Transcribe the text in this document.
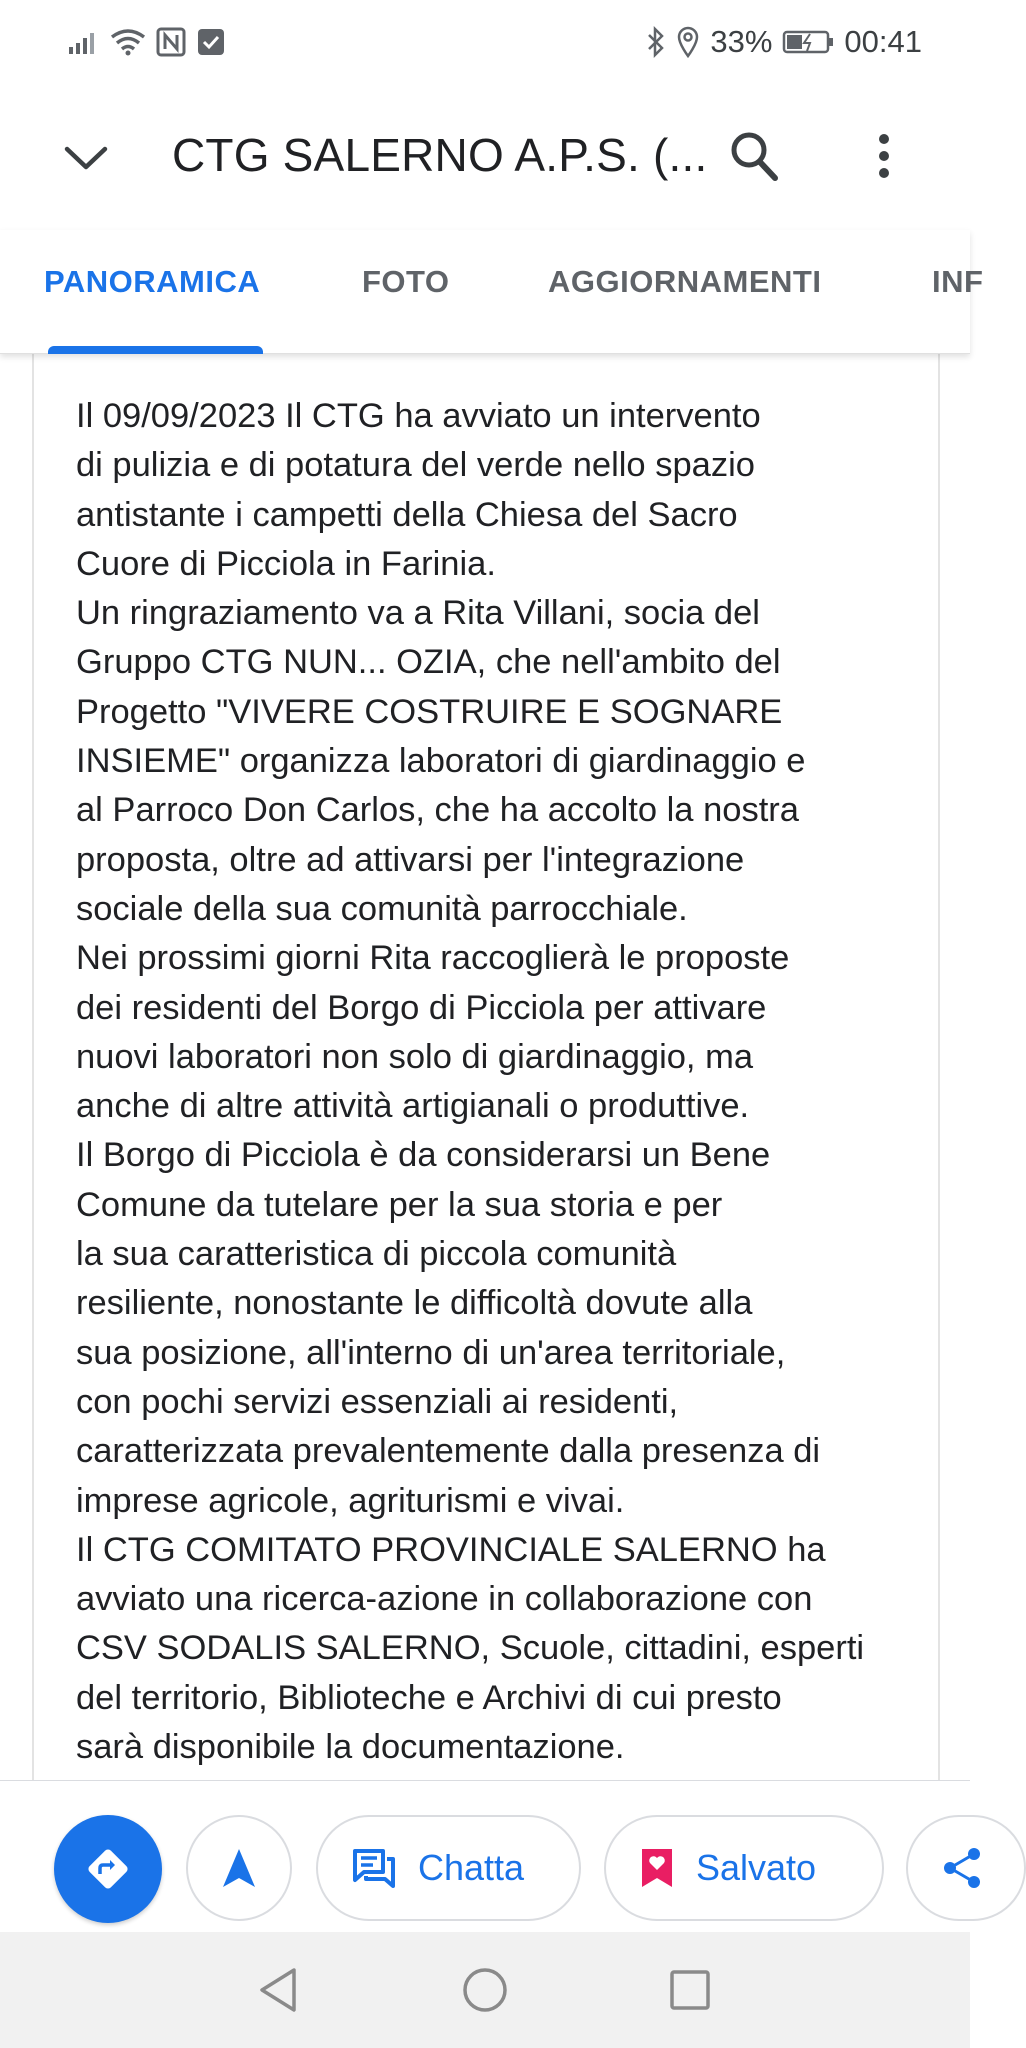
33% 00:41
CTG SALERNO A.P.S. (...
PANORAMICA	FOTO	AGGIORNAMENTI	INF

Il 09/09/2023 Il CTG ha avviato un intervento

di pulizia e di potatura del verde nello spazio

antistante i campetti della Chiesa del Sacro

Cuore di Picciola in Farinia.

Un ringraziamento va a Rita Villani, socia del

Gruppo CTG NUN... OZIA, che nell'ambito del

Progetto "VIVERE COSTRUIRE E SOGNARE

INSIEME" organizza laboratori di giardinaggio e

al Parroco Don Carlos, che ha accolto la nostra

proposta, oltre ad attivarsi per l'integrazione

sociale della sua comunità parrocchiale.

Nei prossimi giorni Rita raccoglierà le proposte

dei residenti del Borgo di Picciola per attivare

nuovi laboratori non solo di giardinaggio, ma

anche di altre attività artigianali o produttive.

Il Borgo di Picciola è da considerarsi un Bene

Comune da tutelare per la sua storia e per

la sua caratteristica di piccola comunità

resiliente, nonostante le difficoltà dovute alla

sua posizione, all'interno di un'area territoriale,

con pochi servizi essenziali ai residenti,

caratterizzata prevalentemente dalla presenza di

imprese agricole, agriturismi e vivai.

Il CTG COMITATO PROVINCIALE SALERNO ha

avviato una ricerca-azione in collaborazione con

CSV SODALIS SALERNO, Scuole, cittadini, esperti

del territorio, Biblioteche e Archivi di cui presto

sarà disponibile la documentazione.

Chatta	Salvato
